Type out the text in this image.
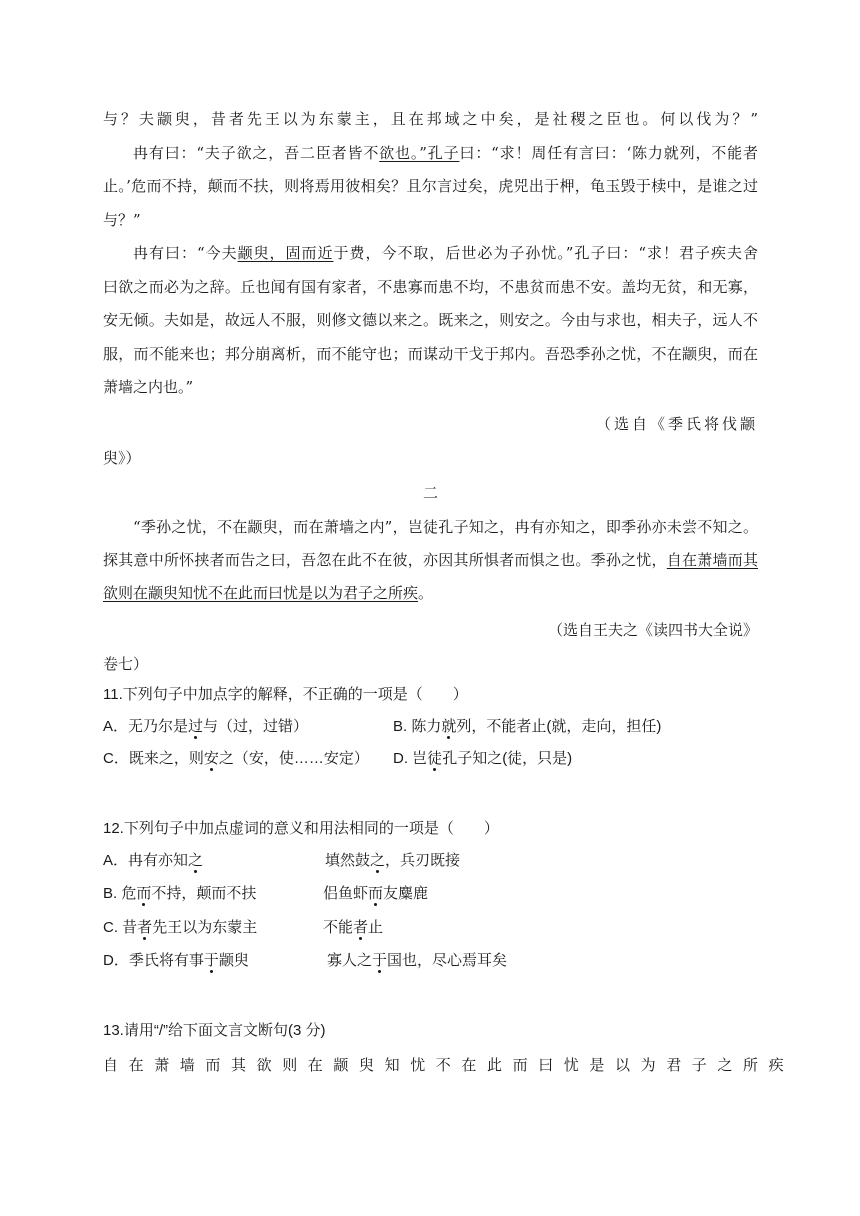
与？夫颛臾，昔者先王以为东蒙主，且在邦域之中矣，是社稷之臣也。何以伐为？”
冉有曰：“夫子欲之，吾二臣者皆不欲也。”孔子曰：“求！周任有言曰：‘陈力就列，不能者
止。’危而不持，颠而不扶，则将焉用彼相矣？且尔言过矣，虎兕出于柙，龟玉毁于椟中，是谁之过
与？”
冉有曰：“今夫颛臾，固而近于费，今不取，后世必为子孙忧。”孔子曰：“求！君子疾夫舍
曰欲之而必为之辞。丘也闻有国有家者，不患寡而患不均，不患贫而患不安。盖均无贫，和无寡，
安无倾。夫如是，故远人不服，则修文德以来之。既来之，则安之。今由与求也，相夫子，远人不
服，而不能来也；邦分崩离析，而不能守也；而谋动干戈于邦内。吾恐季孙之忧，不在颛臾，而在
萧墙之内也。”
（选自《季氏将伐颛
臾》）
二
“季孙之忧，不在颛臾，而在萧墙之内”，岂徒孔子知之，冉有亦知之，即季孙亦未尝不知之。
探其意中所怀挟者而告之曰，吾忽在此不在彼，亦因其所惧者而惧之也。季孙之忧，自在萧墙而其
欲则在颛臾知忧不在此而曰忧是以为君子之所疾。
（选自王夫之《读四书大全说》
卷七）
11.下列句子中加点字的解释，不正确的一项是（　　）
A．无乃尔是过与（过，过错）	B. 陈力就列，不能者止(就，走向，担任)
C．既来之，则安之（安，使……安定） D. 岂徒孔子知之(徒，只是)
12.下列句子中加点虚词的意义和用法相同的一项是（　　）
A．冉有亦知之	填然鼓之，兵刃既接
B. 危而不持，颠而不扶	侣鱼虾而友麋鹿
C. 昔者先王以为东蒙主	不能者止
D．季氏将有事于颛臾	寡人之于国也，尽心焉耳矣
13.请用“/”给下面文言文断句(3 分)
自在萧墙而其欲则在颛臾知忧不在此而曰忧是以为君子之所疾
